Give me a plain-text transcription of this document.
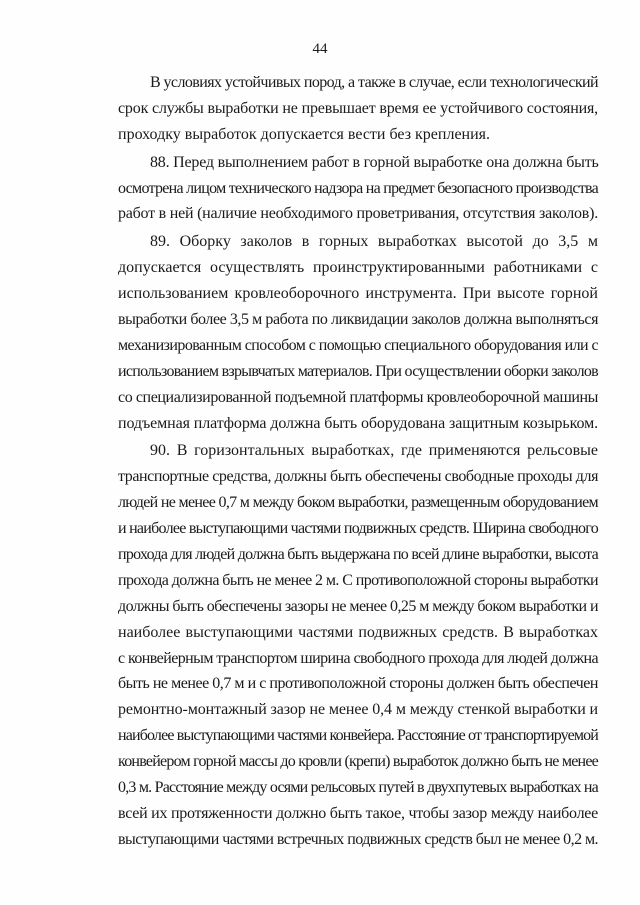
44
В условиях устойчивых пород, а также в случае, если технологический
срок службы выработки не превышает время ее устойчивого состояния,
проходку выработок допускается вести без крепления.
88. Перед выполнением работ в горной выработке она должна быть
осмотрена лицом технического надзора на предмет безопасного производства
работ в ней (наличие необходимого проветривания, отсутствия заколов).
89. Оборку заколов в горных выработках высотой до 3,5 м
допускается осуществлять проинструктированными работниками с
использованием кровлеоборочного инструмента. При высоте горной
выработки более 3,5 м работа по ликвидации заколов должна выполняться
механизированным способом с помощью специального оборудования или с
использованием взрывчатых материалов. При осуществлении оборки заколов
со специализированной подъемной платформы кровлеоборочной машины
подъемная платформа должна быть оборудована защитным козырьком.
90. В горизонтальных выработках, где применяются рельсовые
транспортные средства, должны быть обеспечены свободные проходы для
людей не менее 0,7 м между боком выработки, размещенным оборудованием
и наиболее выступающими частями подвижных средств. Ширина свободного
прохода для людей должна быть выдержана по всей длине выработки, высота
прохода должна быть не менее 2 м. С противоположной стороны выработки
должны быть обеспечены зазоры не менее 0,25 м между боком выработки и
наиболее выступающими частями подвижных средств. В выработках
с конвейерным транспортом ширина свободного прохода для людей должна
быть не менее 0,7 м и с противоположной стороны должен быть обеспечен
ремонтно-монтажный зазор не менее 0,4 м между стенкой выработки и
наиболее выступающими частями конвейера. Расстояние от транспортируемой
конвейером горной массы до кровли (крепи) выработок должно быть не менее
0,3 м. Расстояние между осями рельсовых путей в двухпутевых выработках на
всей их протяженности должно быть такое, чтобы зазор между наиболее
выступающими частями встречных подвижных средств был не менее 0,2 м.
